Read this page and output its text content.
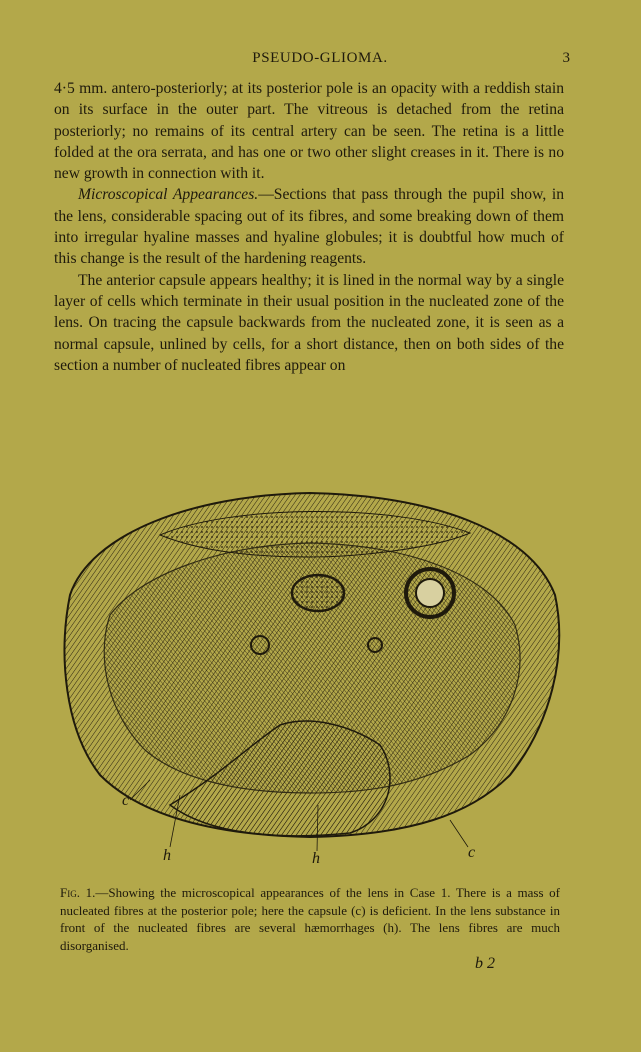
PSEUDO-GLIOMA.	3

4·5 mm. antero-posteriorly; at its posterior pole is an opacity with a reddish stain on its surface in the outer part. The vitreous is detached from the retina posteriorly; no remains of its central artery can be seen. The retina is a little folded at the ora serrata, and has one or two other slight creases in it. There is no new growth in connection with it.

Microscopical Appearances.—Sections that pass through the pupil show, in the lens, considerable spacing out of its fibres, and some breaking down of them into irregular hyaline masses and hyaline globules; it is doubtful how much of this change is the result of the hardening reagents.

The anterior capsule appears healthy; it is lined in the normal way by a single layer of cells which terminate in their usual position in the nucleated zone of the lens. On tracing the capsule backwards from the nucleated zone, it is seen as a normal capsule, unlined by cells, for a short distance, then on both sides of the section a number of nucleated fibres appear on

c
h	h	c
Fig. 1.—Showing the microscopical appearances of the lens in Case 1. There is a mass of nucleated fibres at the posterior pole; here the capsule (c) is deficient. In the lens substance in front of the nucleated fibres are several hæmorrhages (h). The lens fibres are much disorganised.
b 2
